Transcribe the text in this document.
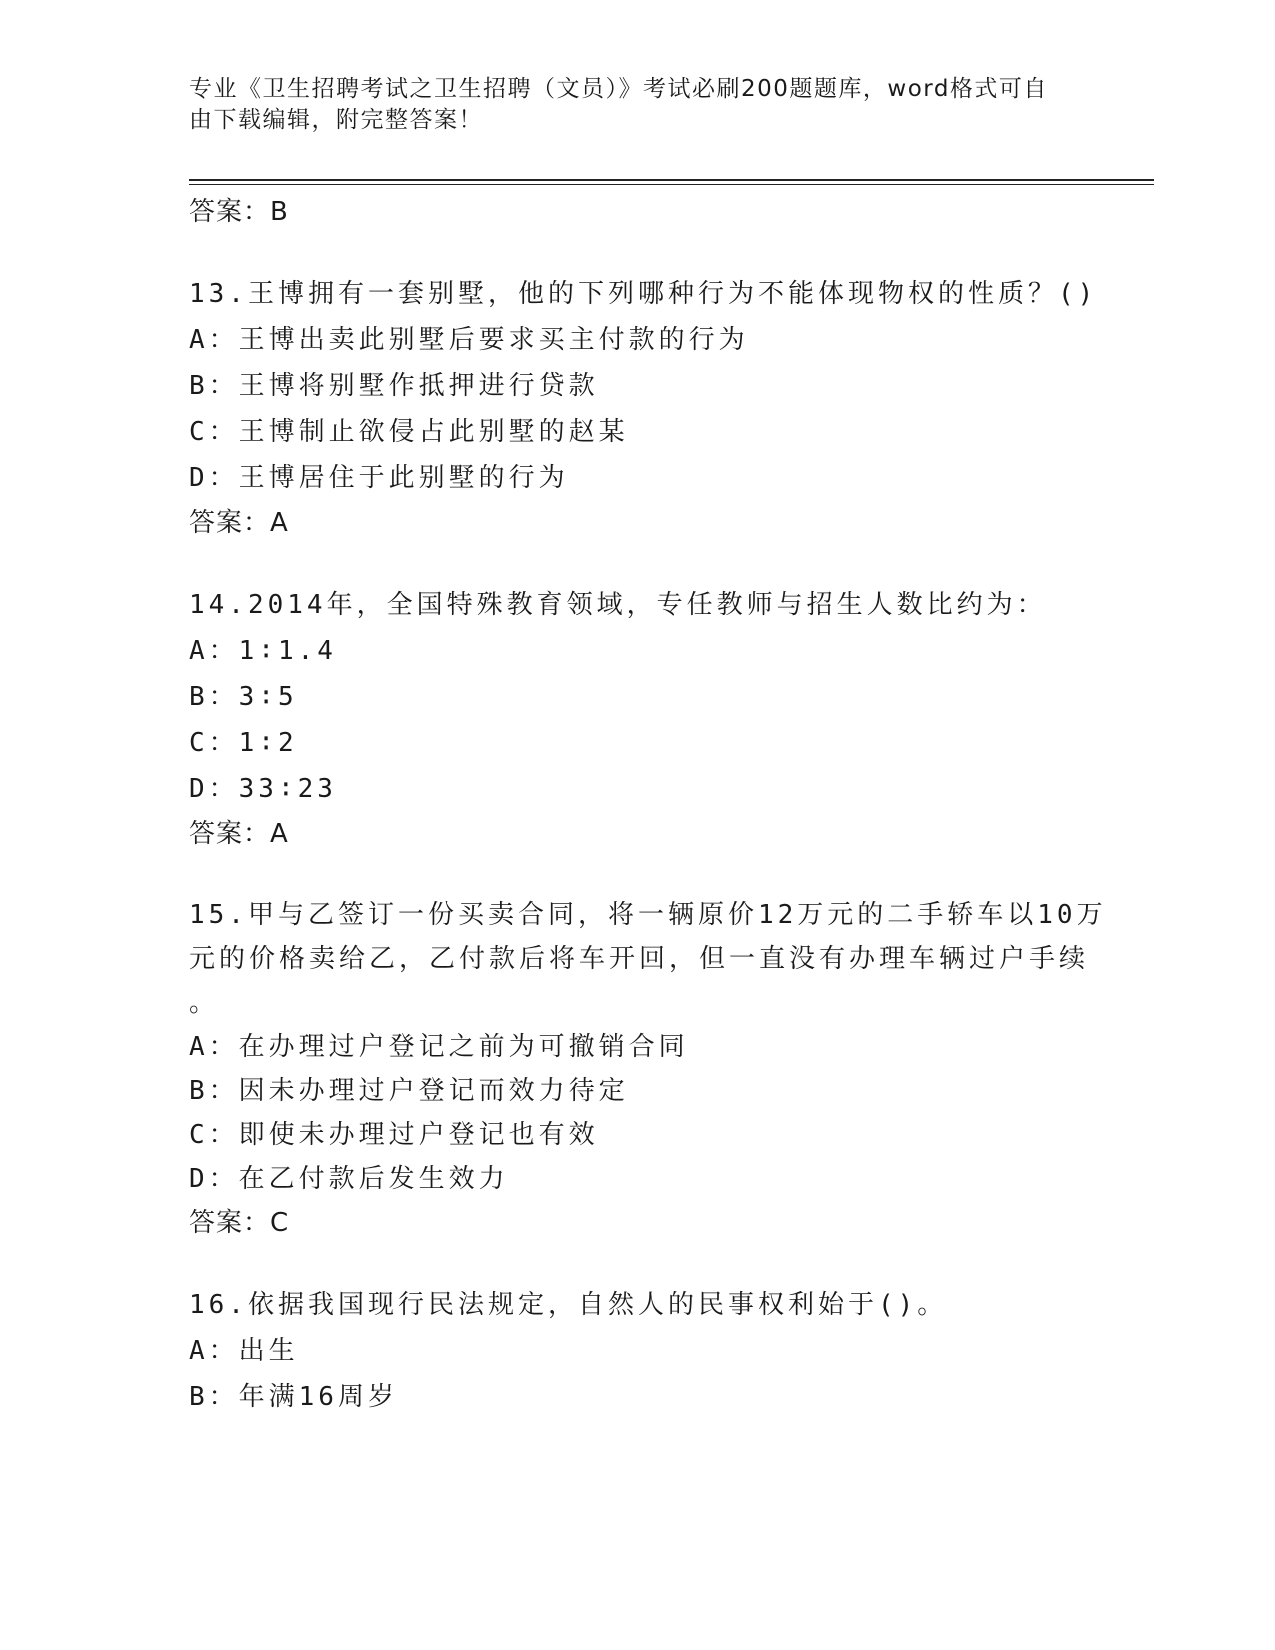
专业《卫生招聘考试之卫生招聘（文员）》考试必刷200题题库，word格式可自
由下载编辑，附完整答案！
答案：B
13.王博拥有一套别墅，他的下列哪种行为不能体现物权的性质？()
A：王博出卖此别墅后要求买主付款的行为
B：王博将别墅作抵押进行贷款
C：王博制止欲侵占此别墅的赵某
D：王博居住于此别墅的行为
答案：A
14.2014年，全国特殊教育领域，专任教师与招生人数比约为：
A：1∶1.4
B：3∶5
C：1∶2
D：33∶23
答案：A
15.甲与乙签订一份买卖合同，将一辆原价12万元的二手轿车以10万
元的价格卖给乙，乙付款后将车开回，但一直没有办理车辆过户手续
。
A：在办理过户登记之前为可撤销合同
B：因未办理过户登记而效力待定
C：即使未办理过户登记也有效
D：在乙付款后发生效力
答案：C
16.依据我国现行民法规定，自然人的民事权利始于()。
A：出生
B：年满16周岁
